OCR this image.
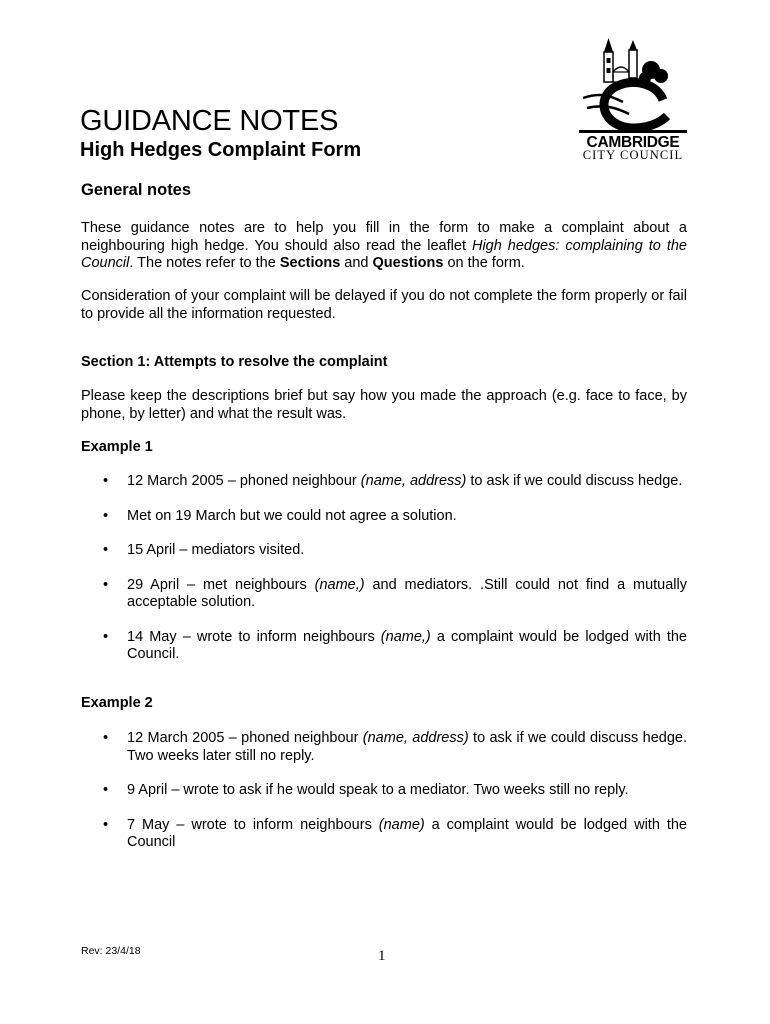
CAMBRIDGE
CITY COUNCIL
GUIDANCE NOTES
High Hedges Complaint Form
General notes
These guidance notes are to help you fill in the form to make a complaint about a neighbouring high hedge. You should also read the leaflet High hedges: complaining to the Council. The notes refer to the Sections and Questions on the form.
Consideration of your complaint will be delayed if you do not complete the form properly or fail to provide all the information requested.
Section 1: Attempts to resolve the complaint
Please keep the descriptions brief but say how you made the approach (e.g. face to face, by phone, by letter) and what the result was.
Example 1
• 12 March 2005 – phoned neighbour (name, address) to ask if we could discuss hedge.
• Met on 19 March but we could not agree a solution.
• 15 April – mediators visited.
• 29 April – met neighbours (name,) and mediators. .Still could not find a mutually acceptable solution.
• 14 May – wrote to inform neighbours (name,) a complaint would be lodged with the Council.
Example 2
• 12 March 2005 – phoned neighbour (name, address) to ask if we could discuss hedge. Two weeks later still no reply.
• 9 April – wrote to ask if he would speak to a mediator. Two weeks still no reply.
• 7 May – wrote to inform neighbours (name) a complaint would be lodged with the Council
Rev: 23/4/18	1
